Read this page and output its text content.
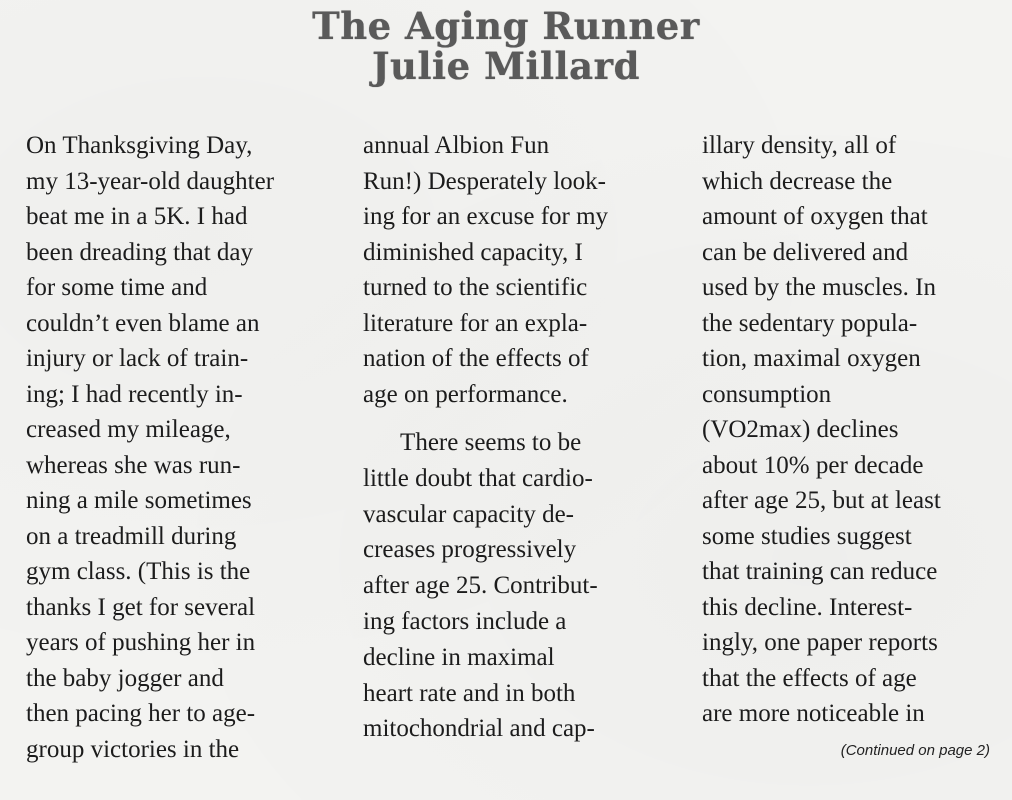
The Aging Runner
Julie Millard
On Thanksgiving Day,
my 13-year-old daughter
beat me in a 5K. I had
been dreading that day
for some time and
couldn’t even blame an
injury or lack of train-
ing; I had recently in-
creased my mileage,
whereas she was run-
ning a mile sometimes
on a treadmill during
gym class. (This is the
thanks I get for several
years of pushing her in
the baby jogger and
then pacing her to age-
group victories in the
annual Albion Fun
Run!) Desperately look-
ing for an excuse for my
diminished capacity, I
turned to the scientific
literature for an expla-
nation of the effects of
age on performance.
There seems to be
little doubt that cardio-
vascular capacity de-
creases progressively
after age 25. Contribut-
ing factors include a
decline in maximal
heart rate and in both
mitochondrial and cap-
illary density, all of
which decrease the
amount of oxygen that
can be delivered and
used by the muscles. In
the sedentary popula-
tion, maximal oxygen
consumption
(VO2max) declines
about 10% per decade
after age 25, but at least
some studies suggest
that training can reduce
this decline. Interest-
ingly, one paper reports
that the effects of age
are more noticeable in
(Continued on page 2)
